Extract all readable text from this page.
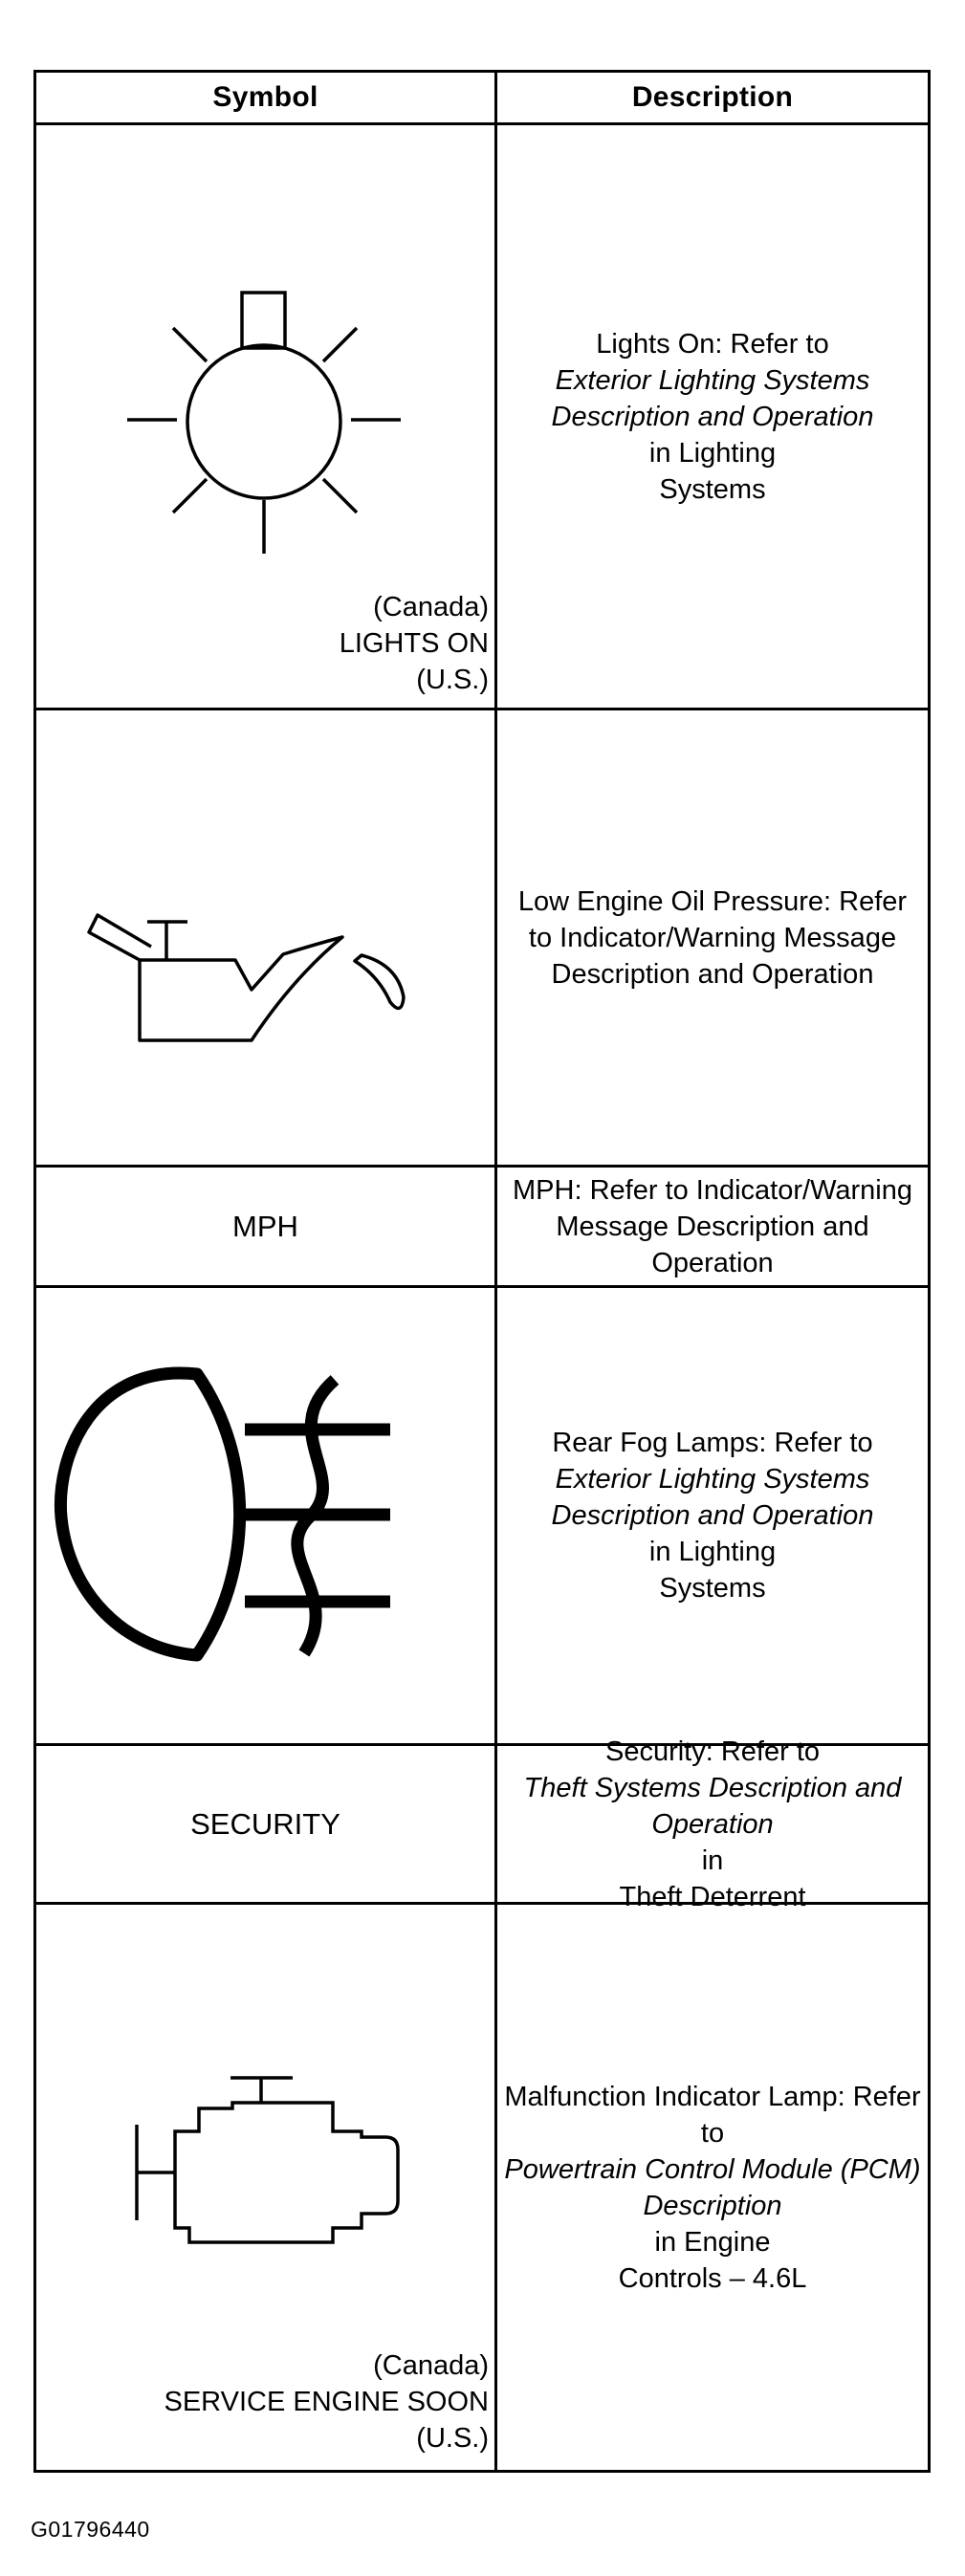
Symbol	Description
(Canada)
LIGHTS ON
(U.S.)
Lights On: Refer to
Exterior Lighting Systems Description and Operation
in Lighting
Systems
Low Engine Oil Pressure: Refer to Indicator/Warning Message Description and Operation
MPH
MPH: Refer to Indicator/Warning Message Description and Operation
Rear Fog Lamps: Refer to
Exterior Lighting Systems Description and Operation
in Lighting
Systems
SECURITY
Security: Refer to
Theft Systems Description and Operation
in
Theft Deterrent
(Canada)
SERVICE ENGINE SOON
(U.S.)
Malfunction Indicator Lamp: Refer to
Powertrain Control Module (PCM) Description
in Engine
Controls – 4.6L
G01796440
